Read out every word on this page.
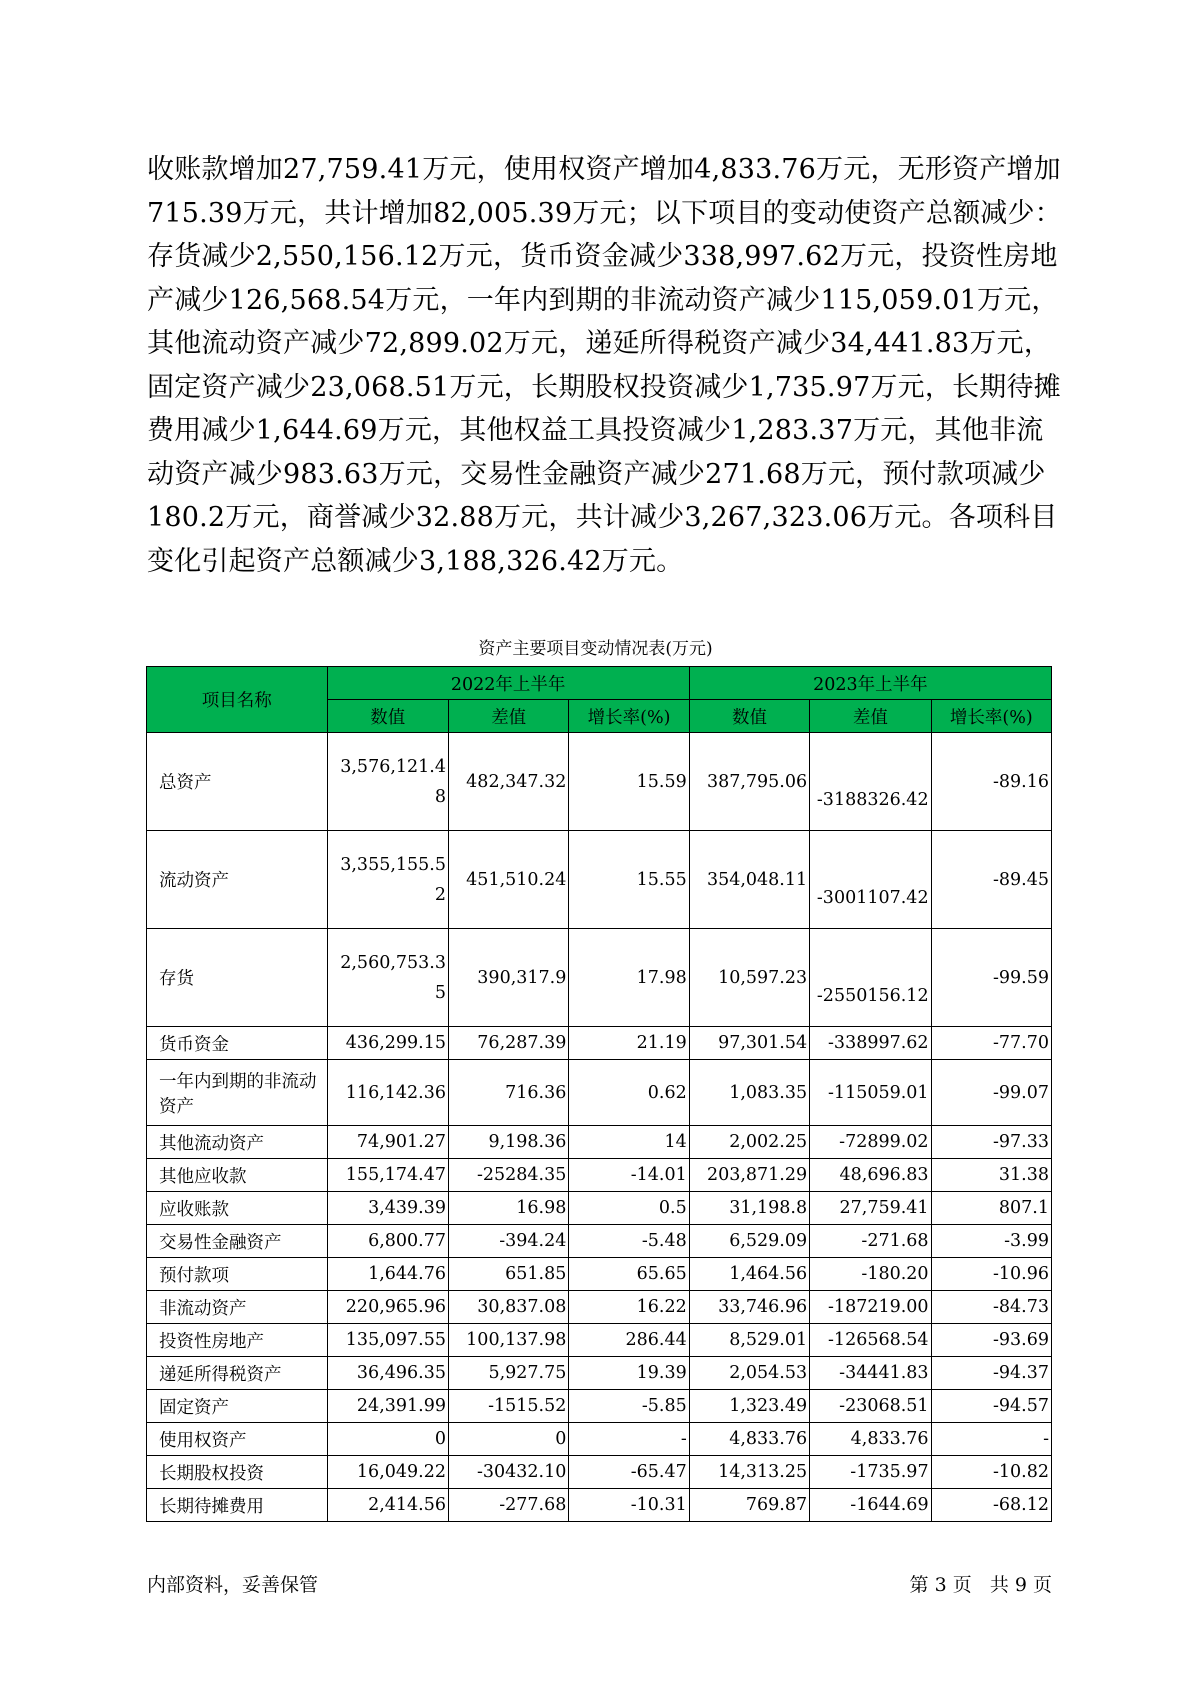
收账款增加27,759.41万元，使用权资产增加4,833.76万元，无形资产增加
715.39万元，共计增加82,005.39万元；以下项目的变动使资产总额减少：
存货减少2,550,156.12万元，货币资金减少338,997.62万元，投资性房地
产减少126,568.54万元，一年内到期的非流动资产减少115,059.01万元，
其他流动资产减少72,899.02万元，递延所得税资产减少34,441.83万元，
固定资产减少23,068.51万元，长期股权投资减少1,735.97万元，长期待摊
费用减少1,644.69万元，其他权益工具投资减少1,283.37万元，其他非流
动资产减少983.63万元，交易性金融资产减少271.68万元，预付款项减少
180.2万元，商誉减少32.88万元，共计减少3,267,323.06万元。各项科目
变化引起资产总额减少3,188,326.42万元。
资产主要项目变动情况表(万元)
项目名称	2022年上半年			2023年上半年		
	数值	差值	增长率(%)	数值	差值	增长率(%)
总资产	3,576,121.48	482,347.32	15.59	387,795.06	-3188326.42	-89.16
流动资产	3,355,155.52	451,510.24	15.55	354,048.11	-3001107.42	-89.45
存货	2,560,753.35	390,317.9	17.98	10,597.23	-2550156.12	-99.59
货币资金	436,299.15	76,287.39	21.19	97,301.54	-338997.62	-77.70
一年内到期的非流动资产	116,142.36	716.36	0.62	1,083.35	-115059.01	-99.07
其他流动资产	74,901.27	9,198.36	14	2,002.25	-72899.02	-97.33
其他应收款	155,174.47	-25284.35	-14.01	203,871.29	48,696.83	31.38
应收账款	3,439.39	16.98	0.5	31,198.8	27,759.41	807.1
交易性金融资产	6,800.77	-394.24	-5.48	6,529.09	-271.68	-3.99
预付款项	1,644.76	651.85	65.65	1,464.56	-180.20	-10.96
非流动资产	220,965.96	30,837.08	16.22	33,746.96	-187219.00	-84.73
投资性房地产	135,097.55	100,137.98	286.44	8,529.01	-126568.54	-93.69
递延所得税资产	36,496.35	5,927.75	19.39	2,054.53	-34441.83	-94.37
固定资产	24,391.99	-1515.52	-5.85	1,323.49	-23068.51	-94.57
使用权资产	0	0	-	4,833.76	4,833.76	-
长期股权投资	16,049.22	-30432.10	-65.47	14,313.25	-1735.97	-10.82
长期待摊费用	2,414.56	-277.68	-10.31	769.87	-1644.69	-68.12
内部资料，妥善保管	第 3 页   共 9 页
